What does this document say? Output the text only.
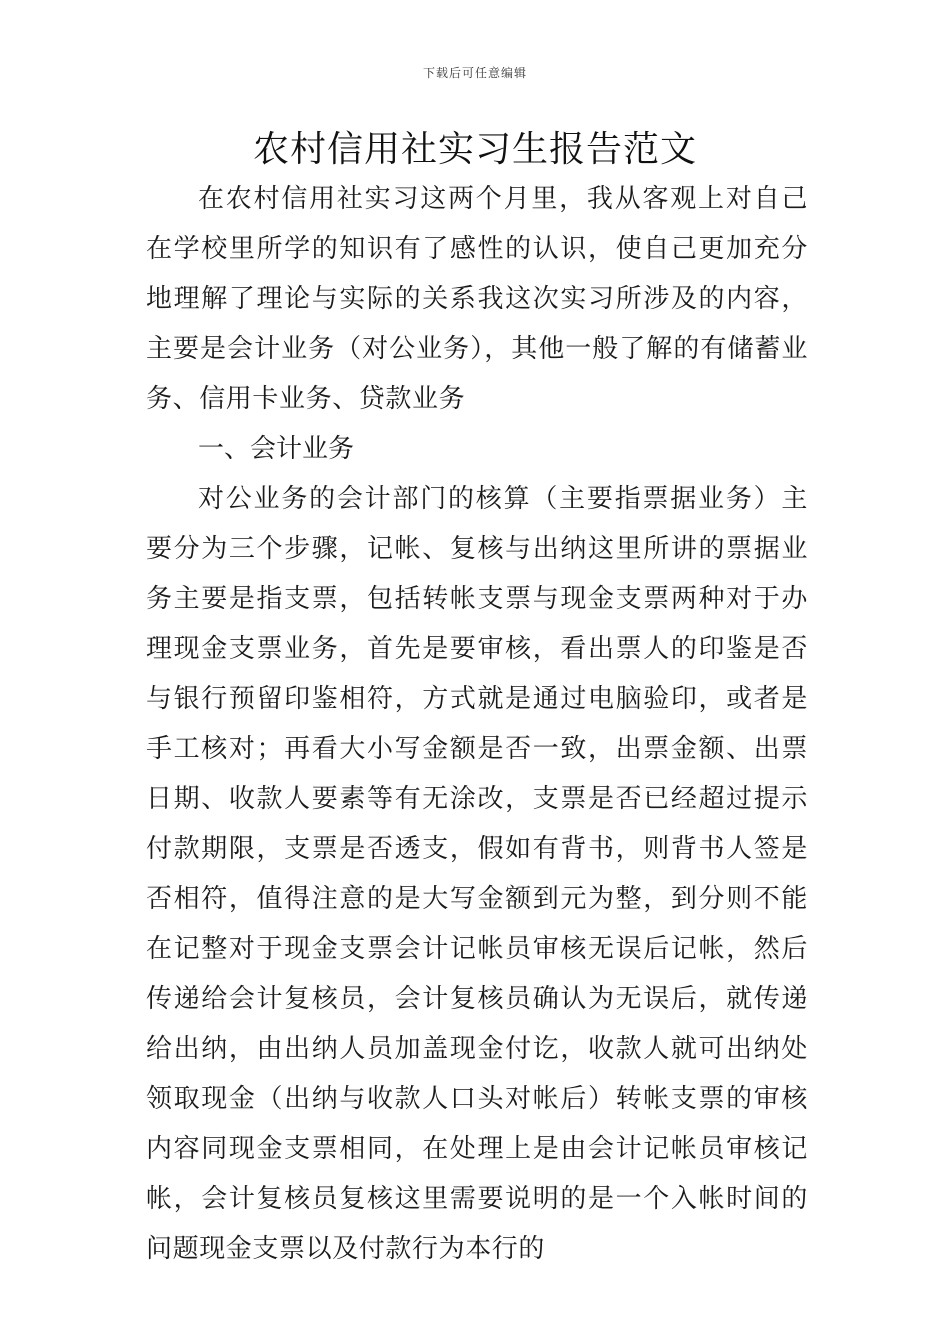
下载后可任意编辑
农村信用社实习生报告范文

在农村信用社实习这两个月里，我从客观上对自己在学校里所学的知识有了感性的认识，使自己更加充分地理解了理论与实际的关系我这次实习所涉及的内容，主要是会计业务（对公业务），其他一般了解的有储蓄业务、信用卡业务、贷款业务

一、会计业务

对公业务的会计部门的核算（主要指票据业务）主要分为三个步骤，记帐、复核与出纳这里所讲的票据业务主要是指支票，包括转帐支票与现金支票两种对于办理现金支票业务，首先是要审核，看出票人的印鉴是否与银行预留印鉴相符，方式就是通过电脑验印，或者是手工核对；再看大小写金额是否一致，出票金额、出票日期、收款人要素等有无涂改，支票是否已经超过提示付款期限，支票是否透支，假如有背书，则背书人签是否相符，值得注意的是大写金额到元为整，到分则不能在记整对于现金支票会计记帐员审核无误后记帐，然后传递给会计复核员，会计复核员确认为无误后，就传递给出纳，由出纳人员加盖现金付讫，收款人就可出纳处领取现金（出纳与收款人口头对帐后）转帐支票的审核内容同现金支票相同，在处理上是由会计记帐员审核记帐，会计复核员复核这里需要说明的是一个入帐时间的问题现金支票以及付款行为本行的
